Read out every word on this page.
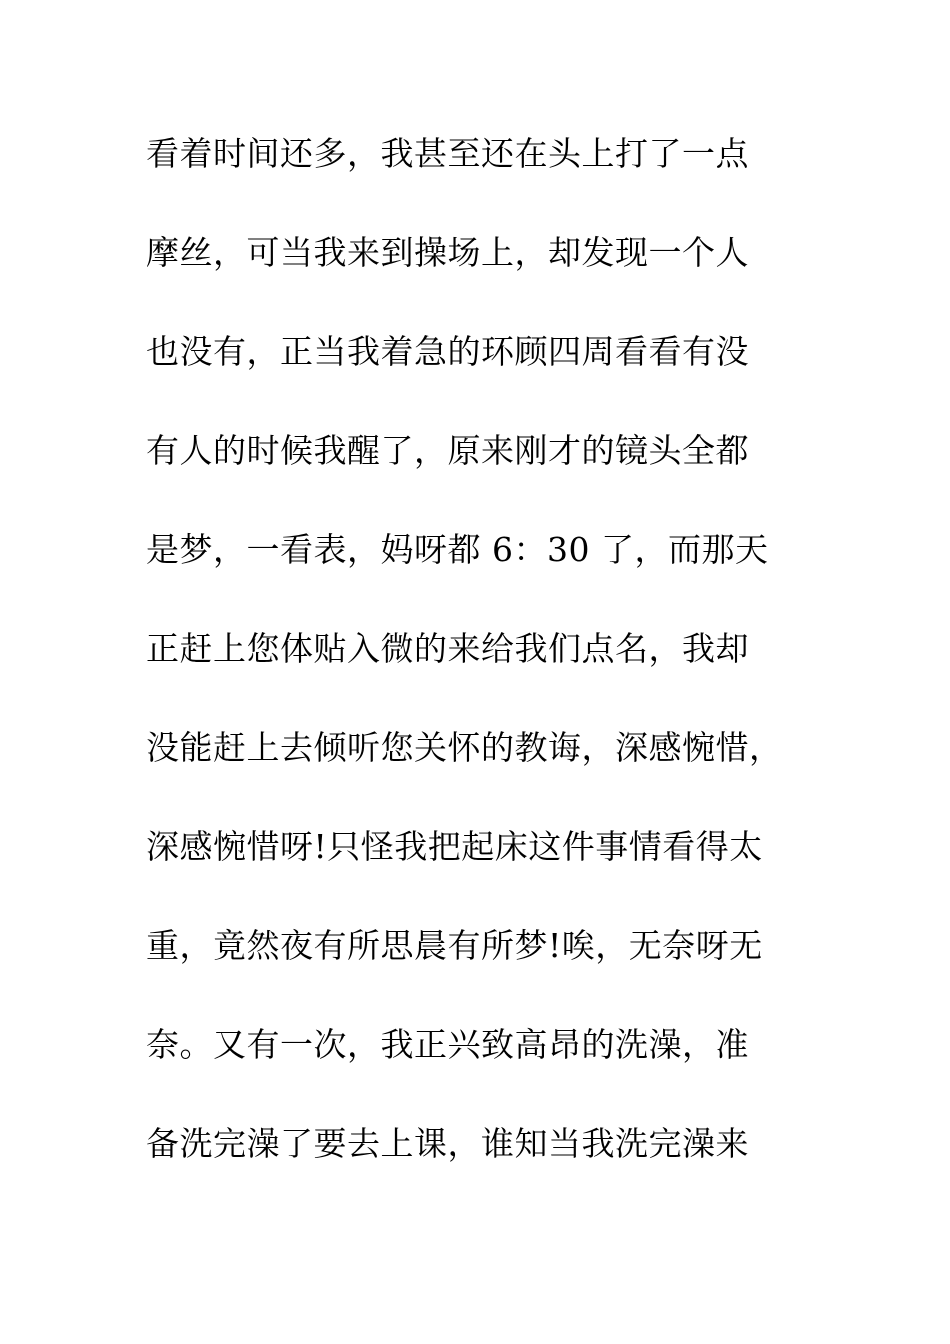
看着时间还多，我甚至还在头上打了一点
摩丝，可当我来到操场上，却发现一个人
也没有，正当我着急的环顾四周看看有没
有人的时候我醒了，原来刚才的镜头全都
是梦，一看表，妈呀都 6：30 了，而那天
正赶上您体贴入微的来给我们点名，我却
没能赶上去倾听您关怀的教诲，深感惋惜，
深感惋惜呀!只怪我把起床这件事情看得太
重，竟然夜有所思晨有所梦!唉，无奈呀无
奈。又有一次，我正兴致高昂的洗澡，准
备洗完澡了要去上课，谁知当我洗完澡来
